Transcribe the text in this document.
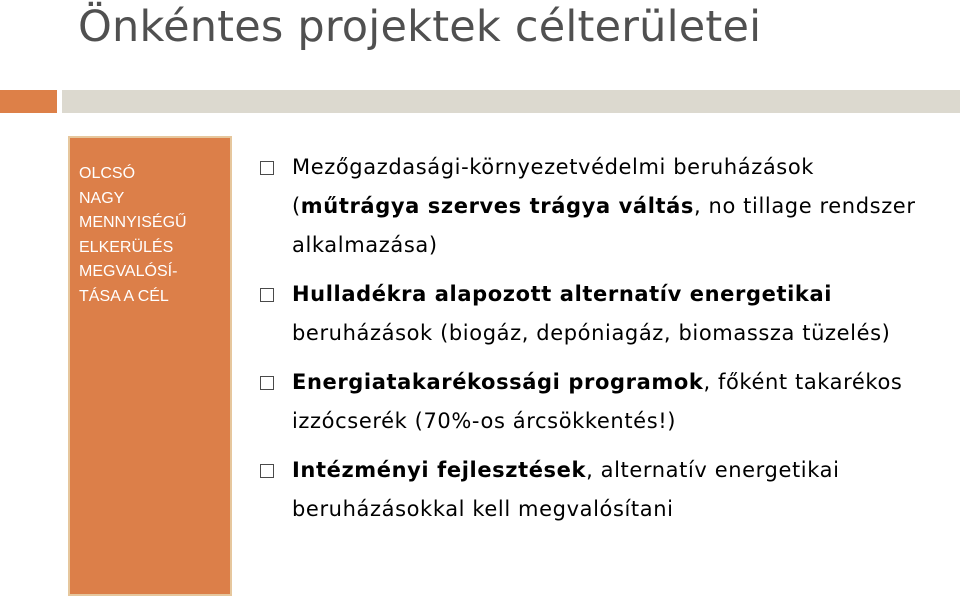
Önkéntes projektek célterületei
OLCSÓ
NAGY
MENNYISÉGŰ
ELKERÜLÉS
MEGVALÓSÍ-
TÁSA A CÉL
Mezőgazdasági-környezetvédelmi beruházások (műtrágya szerves trágya váltás, no tillage rendszer alkalmazása)
Hulladékra alapozott alternatív energetikai beruházások (biogáz, depóniagáz, biomassza tüzelés)
Energiatakarékossági programok, főként takarékos izzócserék (70%-os árcsökkentés!)
Intézményi fejlesztések, alternatív energetikai beruházásokkal kell megvalósítani
